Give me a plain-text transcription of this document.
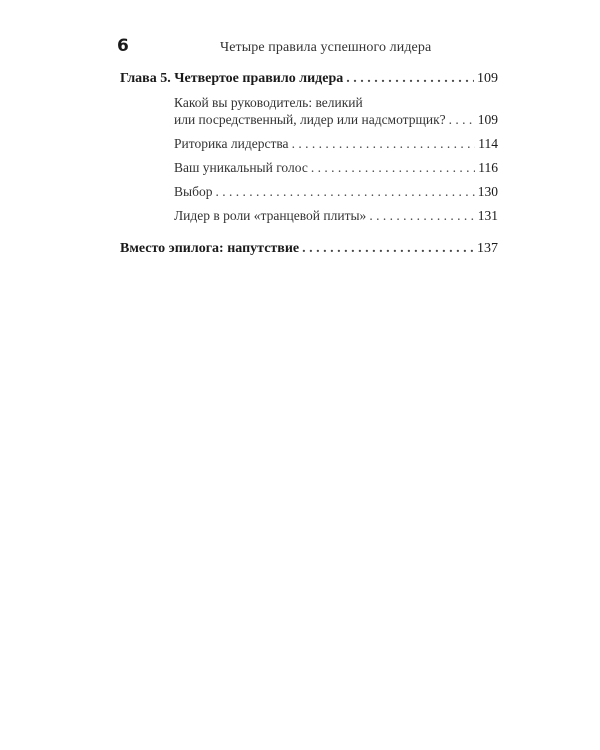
6	Четыре правила успешного лидера
Глава 5. Четвертое правило лидера . . .	109
Какой вы руководитель: великий
или посредственный, лидер или надсмотрщик? . . . 109
Риторика лидерства . . .	114
Ваш уникальный голос . . .	116
Выбор . . .	130
Лидер в роли «транцевой плиты» . . .	131
Вместо эпилога: напутствие . . .	137
